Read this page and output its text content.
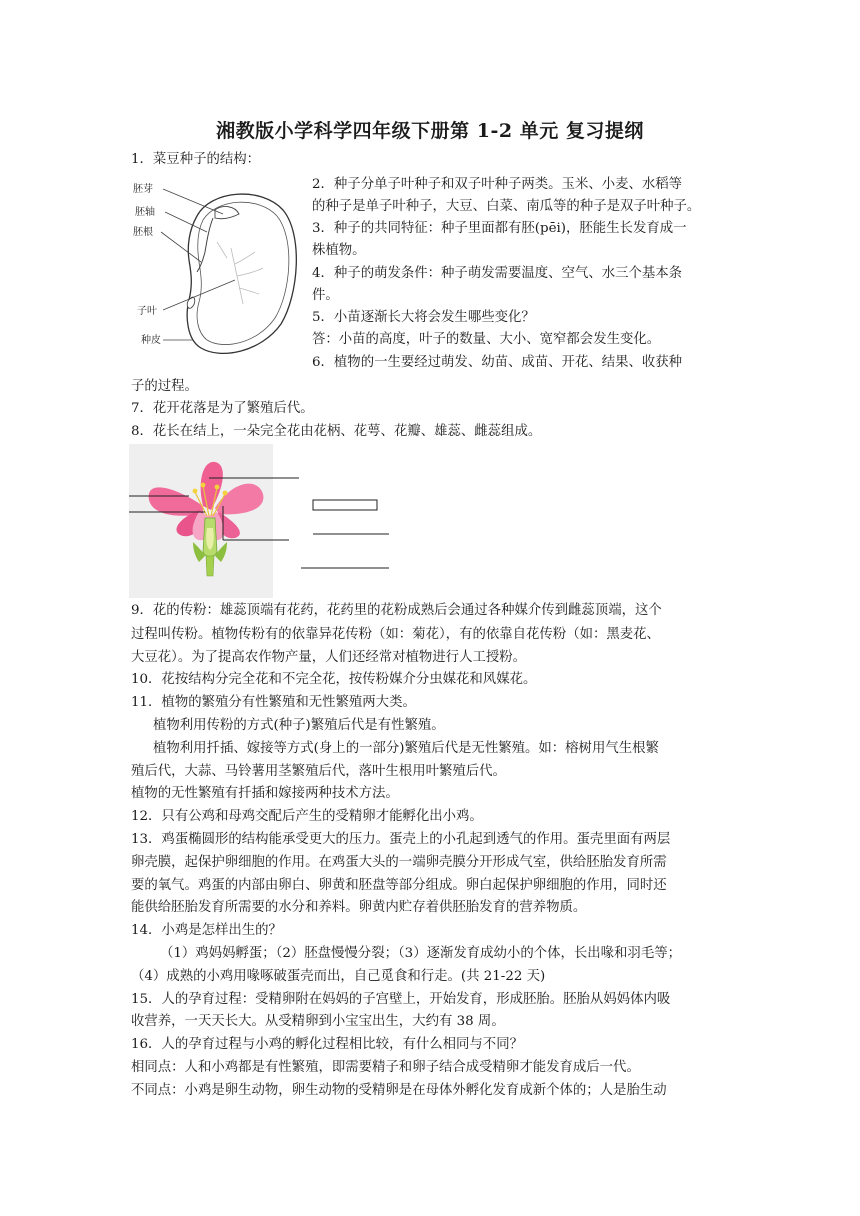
湘教版小学科学四年级下册第 1-2 单元 复习提纲
1．菜豆种子的结构：
胚芽
胚轴
胚根
子叶
种皮
2．种子分单子叶种子和双子叶种子两类。玉米、小麦、水稻等
的种子是单子叶种子，大豆、白菜、南瓜等的种子是双子叶种子。
3．种子的共同特征：种子里面都有胚(pēi)，胚能生长发育成一
株植物。
4．种子的萌发条件：种子萌发需要温度、空气、水三个基本条
件。
5．小苗逐渐长大将会发生哪些变化？
答：小苗的高度，叶子的数量、大小、宽窄都会发生变化。
6．植物的一生要经过萌发、幼苗、成苗、开花、结果、收获种
子的过程。
7．花开花落是为了繁殖后代。
8．花长在结上，一朵完全花由花柄、花萼、花瓣、雄蕊、雌蕊组成。
9．花的传粉：雄蕊顶端有花药，花药里的花粉成熟后会通过各种媒介传到雌蕊顶端，这个
过程叫传粉。植物传粉有的依靠异花传粉（如：菊花），有的依靠自花传粉（如：黑麦花、
大豆花）。为了提高农作物产量，人们还经常对植物进行人工授粉。
10．花按结构分完全花和不完全花，按传粉媒介分虫媒花和风媒花。
11．植物的繁殖分有性繁殖和无性繁殖两大类。
植物利用传粉的方式(种子)繁殖后代是有性繁殖。
植物利用扦插、嫁接等方式(身上的一部分)繁殖后代是无性繁殖。如：榕树用气生根繁
殖后代，大蒜、马铃薯用茎繁殖后代，落叶生根用叶繁殖后代。
植物的无性繁殖有扦插和嫁接两种技术方法。
12．只有公鸡和母鸡交配后产生的受精卵才能孵化出小鸡。
13．鸡蛋椭圆形的结构能承受更大的压力。蛋壳上的小孔起到透气的作用。蛋壳里面有两层
卵壳膜，起保护卵细胞的作用。在鸡蛋大头的一端卵壳膜分开形成气室，供给胚胎发育所需
要的氧气。鸡蛋的内部由卵白、卵黄和胚盘等部分组成。卵白起保护卵细胞的作用，同时还
能供给胚胎发育所需要的水分和养料。卵黄内贮存着供胚胎发育的营养物质。
14．小鸡是怎样出生的？
（1）鸡妈妈孵蛋；（2）胚盘慢慢分裂；（3）逐渐发育成幼小的个体，长出喙和羽毛等；
（4）成熟的小鸡用喙啄破蛋壳而出，自己觅食和行走。(共 21-22 天)
15．人的孕育过程：受精卵附在妈妈的子宫壁上，开始发育，形成胚胎。胚胎从妈妈体内吸
收营养，一天天长大。从受精卵到小宝宝出生，大约有 38 周。
16．人的孕育过程与小鸡的孵化过程相比较，有什么相同与不同？
相同点：人和小鸡都是有性繁殖，即需要精子和卵子结合成受精卵才能发育成后一代。
不同点：小鸡是卵生动物，卵生动物的受精卵是在母体外孵化发育成新个体的；人是胎生动
